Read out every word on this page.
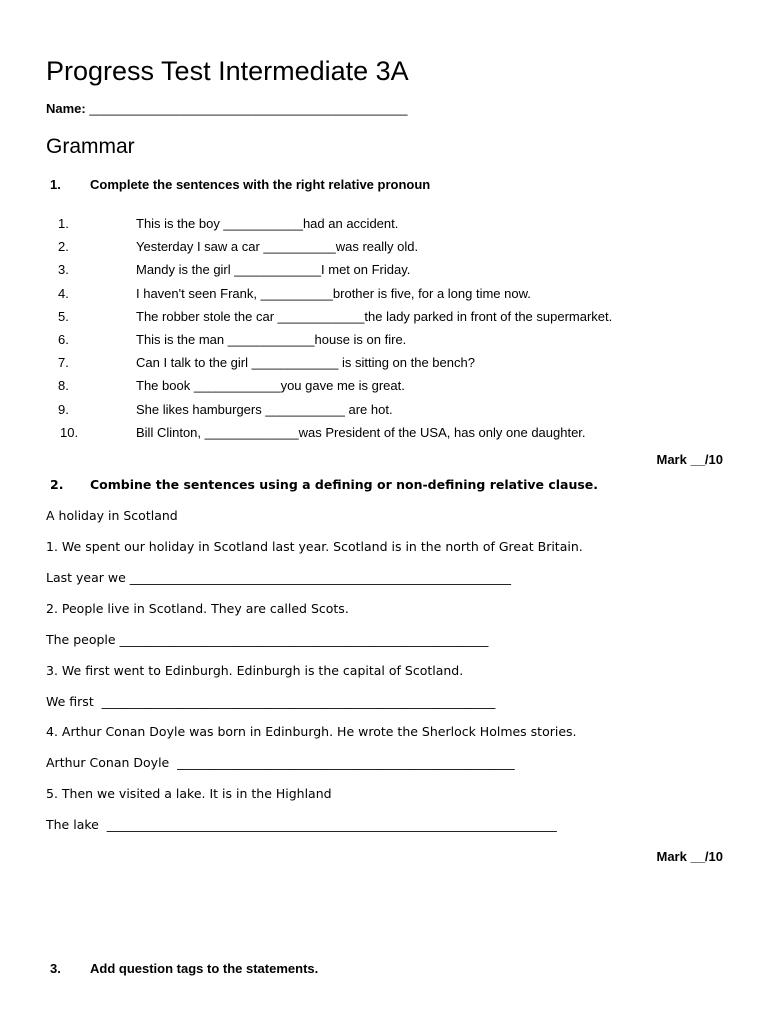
Progress Test Intermediate 3A
Name: ____________________________________________
Grammar
1. Complete the sentences with the right relative pronoun
1.	This is the boy ___________had an accident.
2.	Yesterday I saw a car __________was really old.
3.	Mandy is the girl ____________I met on Friday.
4.	I haven't seen Frank, __________brother is five, for a long time now.
5.	The robber stole the car ____________the lady parked in front of the supermarket.
6.	This is the man ____________house is on fire.
7.	Can I talk to the girl ____________ is sitting on the bench?
8.	The book ____________you gave me is great.
9.	She likes hamburgers ___________ are hot.
10.	Bill Clinton, _____________was President of the USA, has only one daughter.
Mark __/10
2. Combine the sentences using a defining or non-defining relative clause.
A holiday in Scotland
1. We spent our holiday in Scotland last year. Scotland is in the north of Great Britain.
Last year we _____________________________________________________________
2. People live in Scotland. They are called Scots.
The people ___________________________________________________________
3. We first went to Edinburgh. Edinburgh is the capital of Scotland.
We first  _______________________________________________________________
4. Arthur Conan Doyle was born in Edinburgh. He wrote the Sherlock Holmes stories.
Arthur Conan Doyle  ______________________________________________________
5. Then we visited a lake. It is in the Highland
The lake  ________________________________________________________________________
Mark __/10
3. Add question tags to the statements.
